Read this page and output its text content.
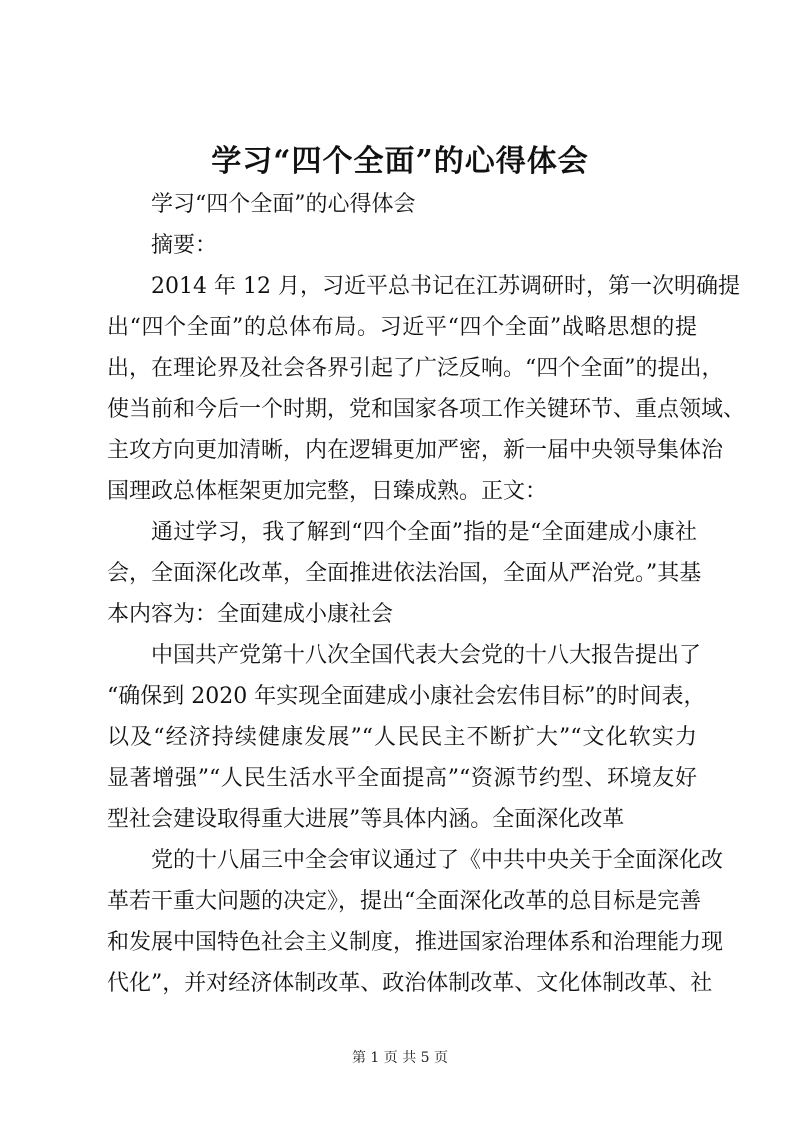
学习“四个全面”的心得体会
学习“四个全面”的心得体会
摘要：
2014 年 12 月，习近平总书记在江苏调研时，第一次明确提
出“四个全面”的总体布局。习近平“四个全面”战略思想的提
出，在理论界及社会各界引起了广泛反响。“四个全面”的提出，
使当前和今后一个时期，党和国家各项工作关键环节、重点领域、
主攻方向更加清晰，内在逻辑更加严密，新一届中央领导集体治
国理政总体框架更加完整，日臻成熟。正文：
通过学习，我了解到“四个全面”指的是“全面建成小康社
会，全面深化改革，全面推进依法治国，全面从严治党。”其基
本内容为：全面建成小康社会
中国共产党第十八次全国代表大会党的十八大报告提出了
“确保到 2020 年实现全面建成小康社会宏伟目标”的时间表，
以及“经济持续健康发展”“人民民主不断扩大”“文化软实力
显著增强”“人民生活水平全面提高”“资源节约型、环境友好
型社会建设取得重大进展”等具体内涵。全面深化改革
党的十八届三中全会审议通过了《中共中央关于全面深化改
革若干重大问题的决定》，提出“全面深化改革的总目标是完善
和发展中国特色社会主义制度，推进国家治理体系和治理能力现
代化”，并对经济体制改革、政治体制改革、文化体制改革、社
第 1 页 共 5 页
